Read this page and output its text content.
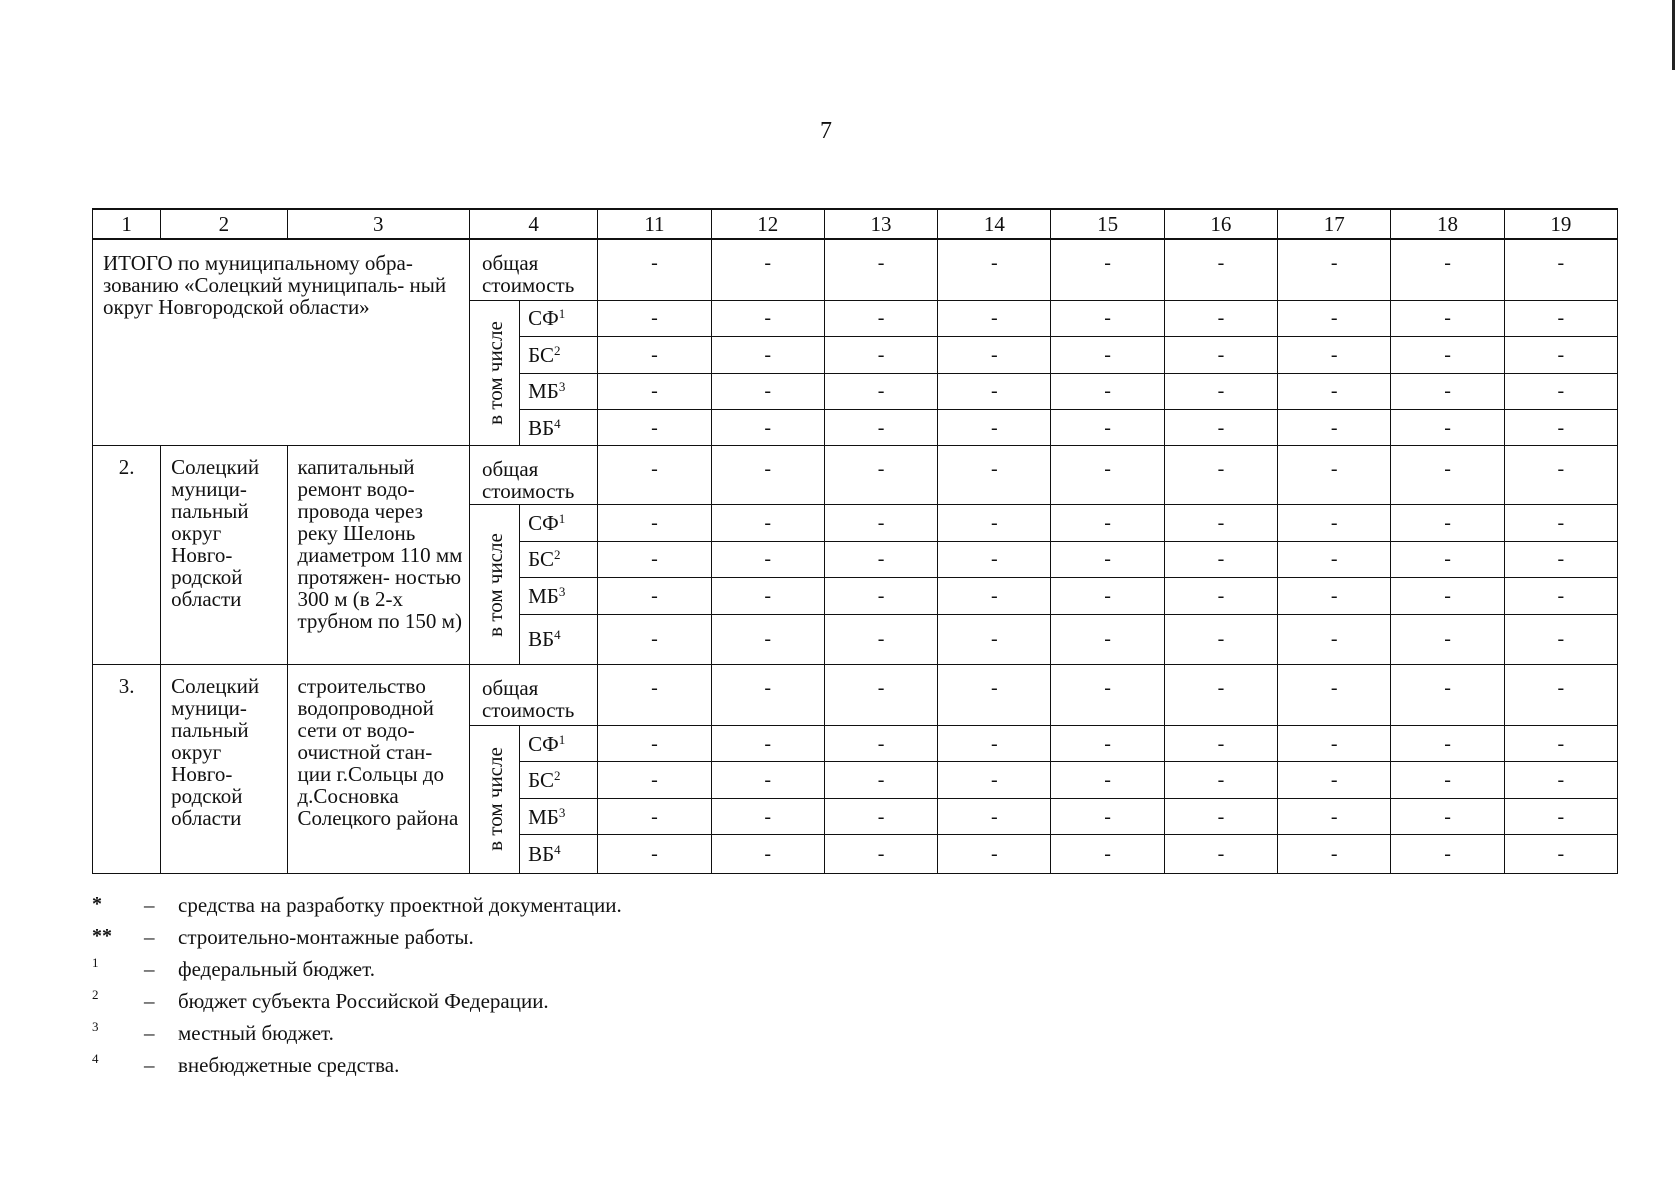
7
1	2	3	4		11	12	13	14	15	16	17	18	19
ИТОГО по муниципальному обра- зованию «Солецкий муниципаль- ный округ Новгородской области»			общая стоимость		-	-	-	-	-	-	-	-	-

			в том числе	$СФ^1$	-	-	-	-	-	-	-	-	-
				$БС^2$	-	-	-	-	-	-	-	-	-
				$МБ^3$	-	-	-	-	-	-	-	-	-
				$ВБ^4$	-	-	-	-	-	-	-	-	-
2.	Солецкий муници- пальный округ Новго- родской области	капитальный ремонт водо- провода через реку Шелонь диаметром 110 мм протяжен- ностью 300 м (в 2-х трубном по 150 м)	общая стоимость		-	-	-	-	-	-	-	-	-

			в том числе	$СФ^1$	-	-	-	-	-	-	-	-	-
				$БС^2$	-	-	-	-	-	-	-	-	-
				$МБ^3$	-	-	-	-	-	-	-	-	-
				$ВБ^4$	-	-	-	-	-	-	-	-	-
3.	Солецкий муници- пальный округ Новго- родской области	строительство водопроводной сети от водо- очистной стан- ции г.Сольцы до д.Сосновка Солецкого района	общая стоимость		-	-	-	-	-	-	-	-	-

			в том числе	$СФ^1$	-	-	-	-	-	-	-	-	-
				$БС^2$	-	-	-	-	-	-	-	-	-
				$МБ^3$	-	-	-	-	-	-	-	-	-
				$ВБ^4$	-	-	-	-	-	-	-	-	-
* – средства на разработку проектной документации.
** – строительно-монтажные работы.
1 – федеральный бюджет.
2 – бюджет субъекта Российской Федерации.
3 – местный бюджет.
4 – внебюджетные средства.
